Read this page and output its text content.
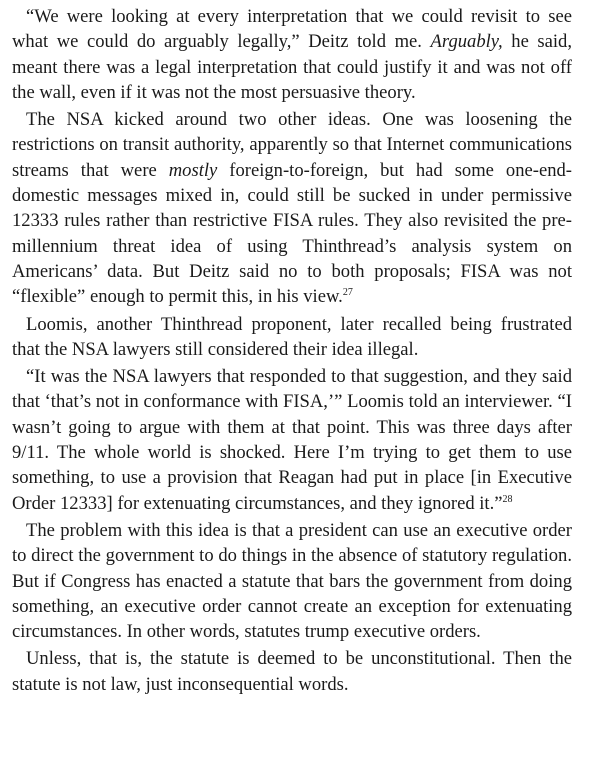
“We were looking at every interpretation that we could revisit to see what we could do arguably legally,” Deitz told me. Arguably, he said, meant there was a legal interpretation that could justify it and was not off the wall, even if it was not the most persuasive theory.

The NSA kicked around two other ideas. One was loosening the restrictions on transit authority, apparently so that Internet communications streams that were mostly foreign-to-foreign, but had some one-end-domestic messages mixed in, could still be sucked in under permissive 12333 rules rather than restrictive FISA rules. They also revisited the pre-millennium threat idea of using Thinthread’s analysis system on Americans’ data. But Deitz said no to both proposals; FISA was not “flexible” enough to permit this, in his view.$^{27}$

Loomis, another Thinthread proponent, later recalled being frustrated that the NSA lawyers still considered their idea illegal.

“It was the NSA lawyers that responded to that suggestion, and they said that ‘that’s not in conformance with FISA,’” Loomis told an interviewer. “I wasn’t going to argue with them at that point. This was three days after 9/11. The whole world is shocked. Here I’m trying to get them to use something, to use a provision that Reagan had put in place [in Executive Order 12333] for extenuating circumstances, and they ignored it.”$^{28}$

The problem with this idea is that a president can use an executive order to direct the government to do things in the absence of statutory regulation. But if Congress has enacted a statute that bars the government from doing something, an executive order cannot create an exception for extenuating circumstances. In other words, statutes trump executive orders.

Unless, that is, the statute is deemed to be unconstitutional. Then the statute is not law, just inconsequential words.
